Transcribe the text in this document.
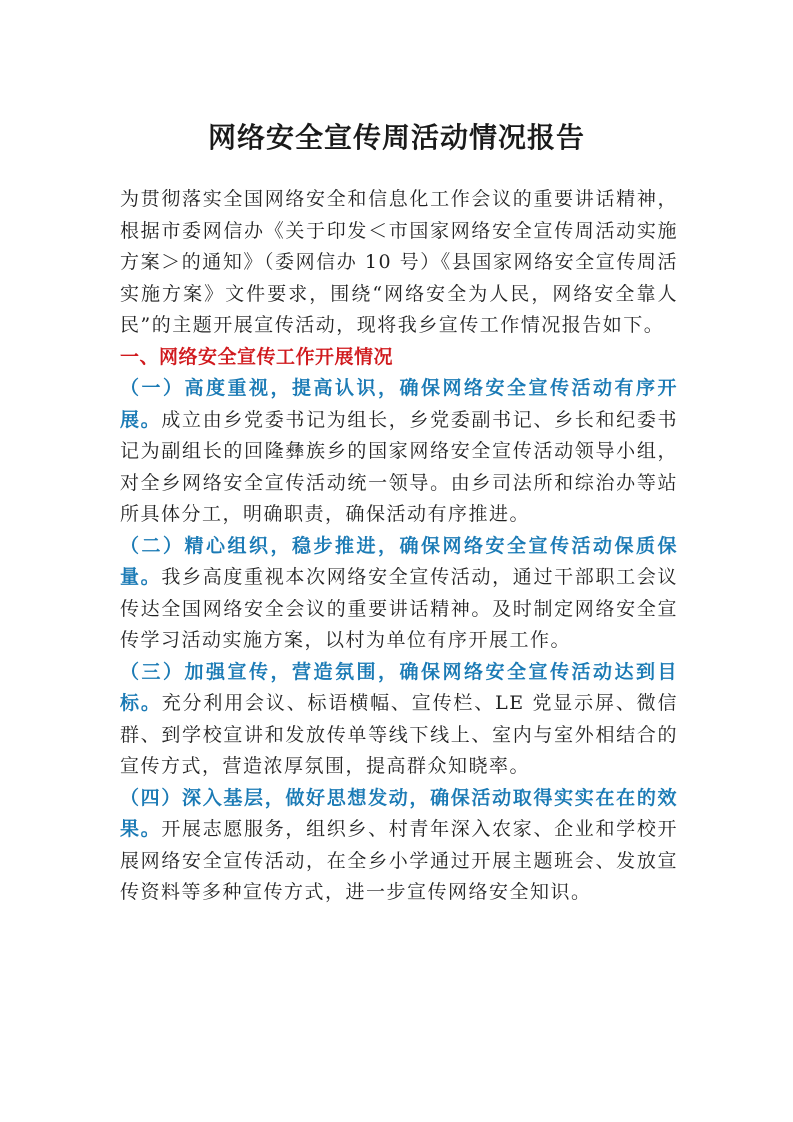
网络安全宣传周活动情况报告

为贯彻落实全国网络安全和信息化工作会议的重要讲话精神，根据市委网信办《关于印发＜市国家网络安全宣传周活动实施方案＞的通知》（委网信办 10 号）《县国家网络安全宣传周活实施方案》文件要求，围绕“网络安全为人民，网络安全靠人民”的主题开展宣传活动，现将我乡宣传工作情况报告如下。

一、网络安全宣传工作开展情况

（一）高度重视，提高认识，确保网络安全宣传活动有序开展。成立由乡党委书记为组长，乡党委副书记、乡长和纪委书记为副组长的回隆彝族乡的国家网络安全宣传活动领导小组，对全乡网络安全宣传活动统一领导。由乡司法所和综治办等站所具体分工，明确职责，确保活动有序推进。

（二）精心组织，稳步推进，确保网络安全宣传活动保质保量。我乡高度重视本次网络安全宣传活动，通过干部职工会议传达全国网络安全会议的重要讲话精神。及时制定网络安全宣传学习活动实施方案，以村为单位有序开展工作。

（三）加强宣传，营造氛围，确保网络安全宣传活动达到目标。充分利用会议、标语横幅、宣传栏、LE 党显示屏、微信群、到学校宣讲和发放传单等线下线上、室内与室外相结合的宣传方式，营造浓厚氛围，提高群众知晓率。

（四）深入基层，做好思想发动，确保活动取得实实在在的效果。开展志愿服务，组织乡、村青年深入农家、企业和学校开展网络安全宣传活动，在全乡小学通过开展主题班会、发放宣传资料等多种宣传方式，进一步宣传网络安全知识。
